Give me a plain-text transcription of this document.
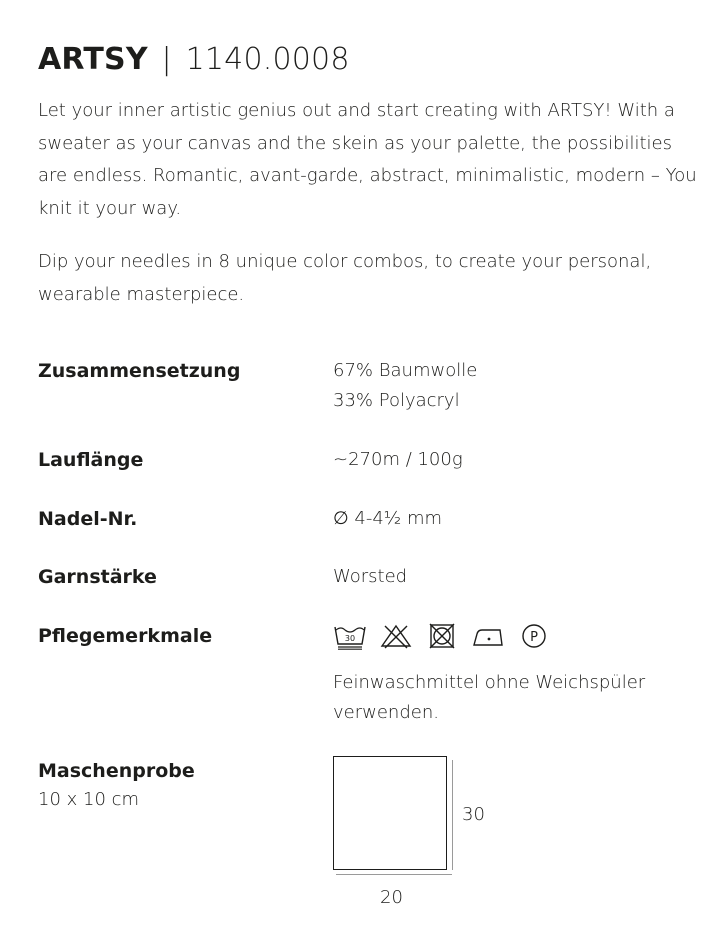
ARTSY | 1140.0008
Let your inner artistic genius out and start creating with ARTSY! With a sweater as your canvas and the skein as your palette, the possibilities are endless. Romantic, avant-garde, abstract, minimalistic, modern – You knit it your way.
Dip your needles in 8 unique color combos, to create your personal, wearable masterpiece.
Zusammensetzung	67% Baumwolle
33% Polyacryl
Lauflänge	~270m / 100g
Nadel-Nr.	∅ 4-4½ mm
Garnstärke	Worsted
Pflegemerkmale	30	P
Feinwaschmittel ohne Weichspüler
verwenden.
Maschenprobe
10 x 10 cm
30
20
